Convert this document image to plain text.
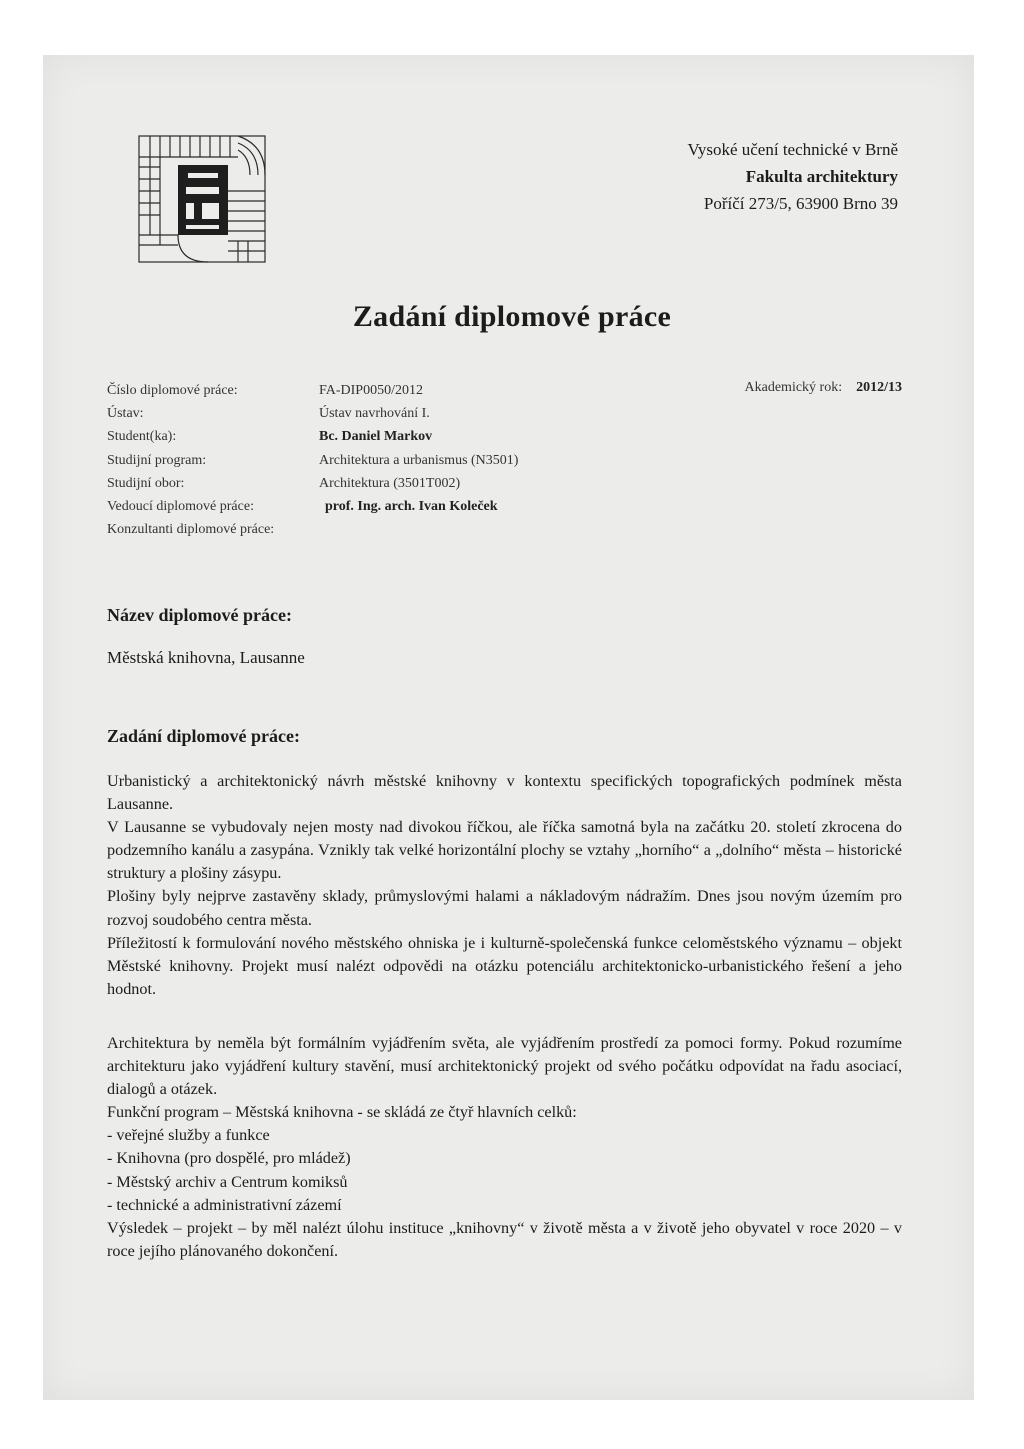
Vysoké učení technické v Brně
Fakulta architektury
Poříčí 273/5, 63900 Brno 39
Zadání diplomové práce
Číslo diplomové práce:	FA-DIP0050/2012
Ústav:	Ústav navrhování I.
Student(ka):	Bc. Daniel Markov
Studijní program:	Architektura a urbanismus (N3501)
Studijní obor:	Architektura (3501T002)
Vedoucí diplomové práce:	prof. Ing. arch. Ivan Koleček
Konzultanti diplomové práce:
Akademický rok: 2012/13
Název diplomové práce:
Městská knihovna, Lausanne
Zadání diplomové práce:

Urbanistický a architektonický návrh městské knihovny v kontextu specifických topografických podmínek města Lausanne.

V Lausanne se vybudovaly nejen mosty nad divokou říčkou, ale říčka samotná byla na začátku 20. století zkrocena do podzemního kanálu a zasypána. Vznikly tak velké horizontální plochy se vztahy „horního“ a „dolního“ města – historické struktury a plošiny zásypu.

Plošiny byly nejprve zastavěny sklady, průmyslovými halami a nákladovým nádražím. Dnes jsou novým územím pro rozvoj soudobého centra města.

Příležitostí k formulování nového městského ohniska je i kulturně-společenská funkce celoměstského významu – objekt Městské knihovny. Projekt musí nalézt odpovědi na otázku potenciálu architektonicko-urbanistického řešení a jeho hodnot.

Architektura by neměla být formálním vyjádřením světa, ale vyjádřením prostředí za pomoci formy. Pokud rozumíme architekturu jako vyjádření kultury stavění, musí architektonický projekt od svého počátku odpovídat na řadu asociací, dialogů a otázek.

Funkční program – Městská knihovna - se skládá ze čtyř hlavních celků:

- veřejné služby a funkce

- Knihovna (pro dospělé, pro mládež)

- Městský archiv a Centrum komiksů

- technické a administrativní zázemí

Výsledek – projekt – by měl nalézt úlohu instituce „knihovny“ v životě města a v životě jeho obyvatel v roce 2020 – v roce jejího plánovaného dokončení.
